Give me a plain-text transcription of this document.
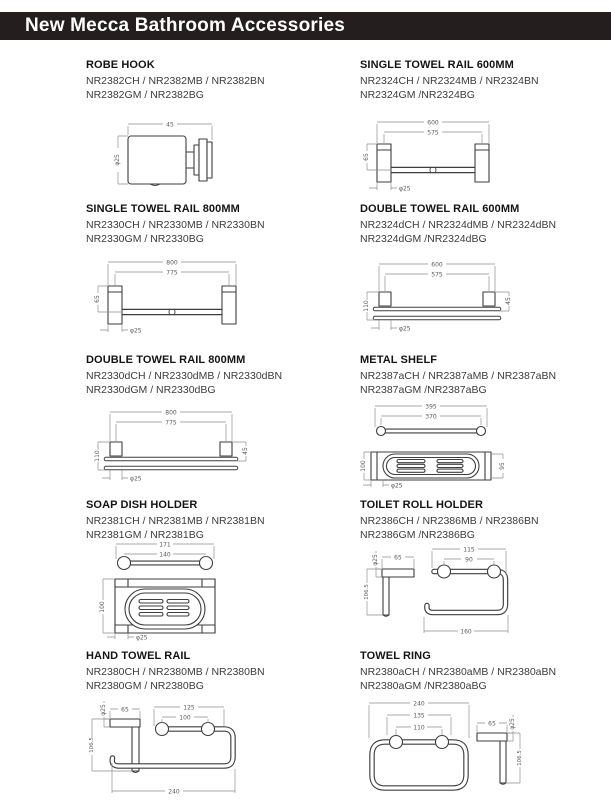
New Mecca Bathroom Accessories
ROBE HOOK
NR2382CH / NR2382MB / NR2382BN
NR2382GM / NR2382BG
SINGLE TOWEL RAIL 600MM
NR2324CH / NR2324MB / NR2324BN
NR2324GM /NR2324BG
SINGLE TOWEL RAIL 800MM
NR2330CH / NR2330MB / NR2330BN
NR2330GM / NR2330BG
DOUBLE TOWEL RAIL 600MM
NR2324dCH / NR2324dMB / NR2324dBN
NR2324dGM /NR2324dBG
DOUBLE TOWEL RAIL 800MM
NR2330dCH / NR2330dMB / NR2330dBN
NR2330dGM / NR2330dBG
METAL SHELF
NR2387aCH / NR2387aMB / NR2387aBN
NR2387aGM /NR2387aBG
SOAP DISH HOLDER
NR2381CH / NR2381MB / NR2381BN
NR2381GM / NR2381BG
TOILET ROLL HOLDER
NR2386CH / NR2386MB / NR2386BN
NR2386GM /NR2386BG
HAND TOWEL RAIL
NR2380CH / NR2380MB / NR2380BN
NR2380GM / NR2380BG
TOWEL RING
NR2380aCH / NR2380aMB / NR2380aBN
NR2380aGM /NR2380aBG
45
φ25
600
575
65
φ25
800
775
65
φ25
600
575
110	45
φ25
800
775
110	45
φ25
395
370
100	95
φ25
171
140
100
φ25
65
φ25
106.5
115
90
160
65
φ25
106.5
125
100
240
240
135
110
65 φ25
106.5
